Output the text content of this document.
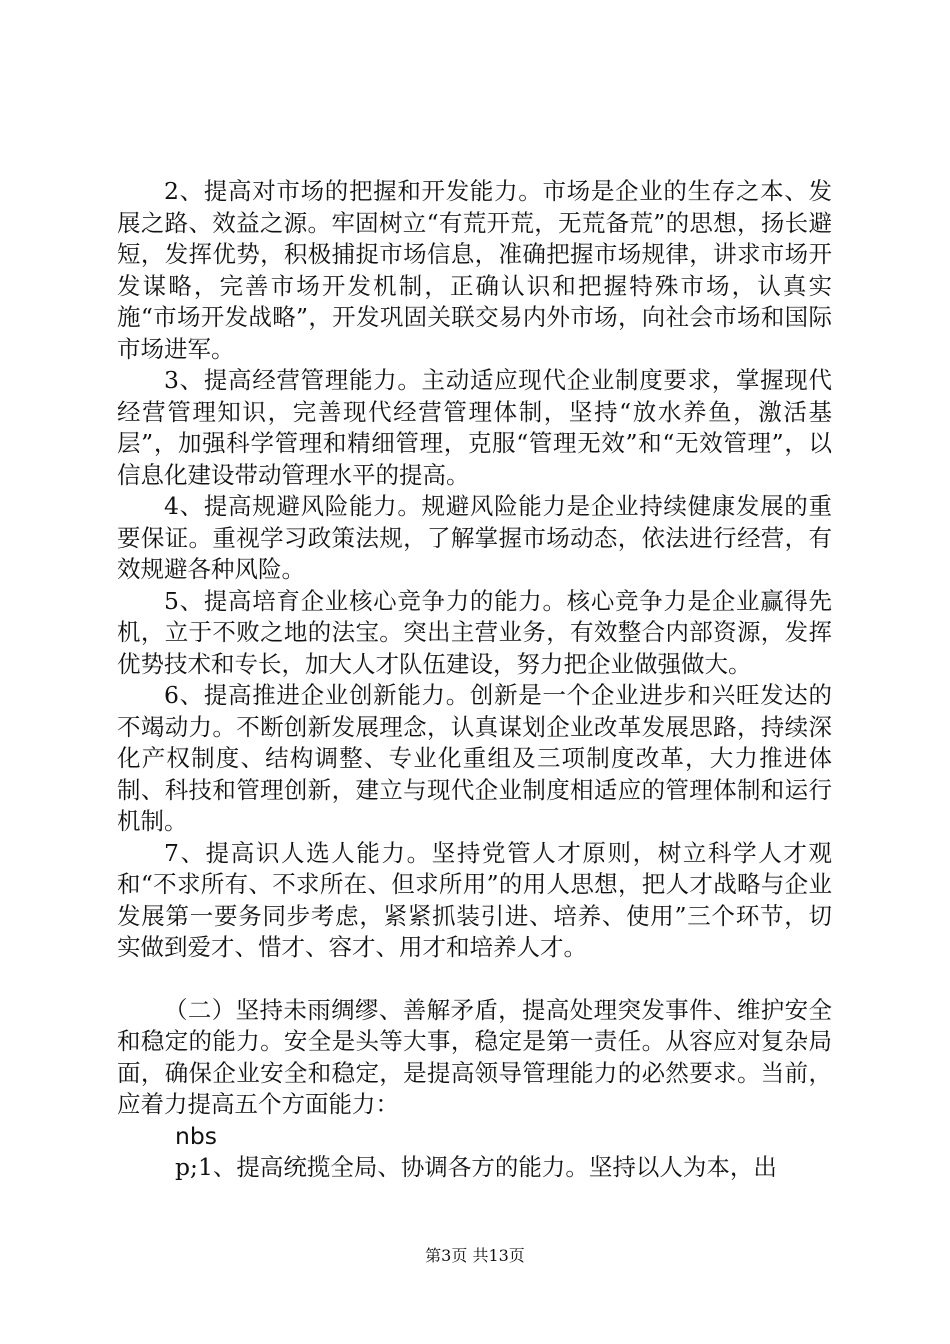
2、提高对市场的把握和开发能力。市场是企业的生存之本、发展之路、效益之源。牢固树立“有荒开荒，无荒备荒”的思想，扬长避短，发挥优势，积极捕捉市场信息，准确把握市场规律，讲求市场开发谋略，完善市场开发机制，正确认识和把握特殊市场，认真实施“市场开发战略”，开发巩固关联交易内外市场，向社会市场和国际市场进军。

3、提高经营管理能力。主动适应现代企业制度要求，掌握现代经营管理知识，完善现代经营管理体制，坚持“放水养鱼，激活基层”，加强科学管理和精细管理，克服“管理无效”和“无效管理”，以信息化建设带动管理水平的提高。

4、提高规避风险能力。规避风险能力是企业持续健康发展的重要保证。重视学习政策法规，了解掌握市场动态，依法进行经营，有效规避各种风险。

5、提高培育企业核心竞争力的能力。核心竞争力是企业赢得先机，立于不败之地的法宝。突出主营业务，有效整合内部资源，发挥优势技术和专长，加大人才队伍建设，努力把企业做强做大。

6、提高推进企业创新能力。创新是一个企业进步和兴旺发达的不竭动力。不断创新发展理念，认真谋划企业改革发展思路，持续深化产权制度、结构调整、专业化重组及三项制度改革，大力推进体制、科技和管理创新，建立与现代企业制度相适应的管理体制和运行机制。

7、提高识人选人能力。坚持党管人才原则，树立科学人才观和“不求所有、不求所在、但求所用”的用人思想，把人才战略与企业发展第一要务同步考虑，紧紧抓装引进、培养、使用”三个环节，切实做到爱才、惜才、容才、用才和培养人才。

（二）坚持未雨绸缪、善解矛盾，提高处理突发事件、维护安全和稳定的能力。安全是头等大事，稳定是第一责任。从容应对复杂局面，确保企业安全和稳定，是提高领导管理能力的必然要求。当前，应着力提高五个方面能力：

nbs

p;1、提高统揽全局、协调各方的能力。坚持以人为本，出

第3页 共13页
